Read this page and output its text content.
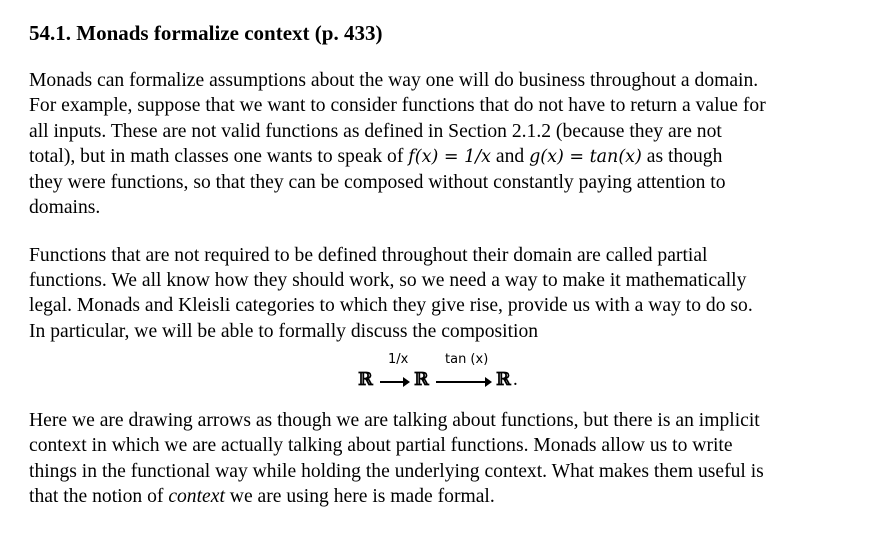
54.1. Monads formalize context (p. 433)

Monads can formalize assumptions about the way one will do business throughout a domain.
For example, suppose that we want to consider functions that do not have to return a value for
all inputs. These are not valid functions as defined in Section 2.1.2 (because they are not
total), but in math classes one wants to speak of f(x) = 1/x and g(x) = tan(x) as though
they were functions, so that they can be composed without constantly paying attention to
domains.

Functions that are not required to be defined throughout their domain are called partial
functions. We all know how they should work, so we need a way to make it mathematically
legal. Monads and Kleisli categories to which they give rise, provide us with a way to do so.
In particular, we will be able to formally discuss the composition

ℝ
1/x
ℝ
tan (x)
ℝ .

Here we are drawing arrows as though we are talking about functions, but there is an implicit
context in which we are actually talking about partial functions. Monads allow us to write
things in the functional way while holding the underlying context. What makes them useful is
that the notion of context we are using here is made formal.
